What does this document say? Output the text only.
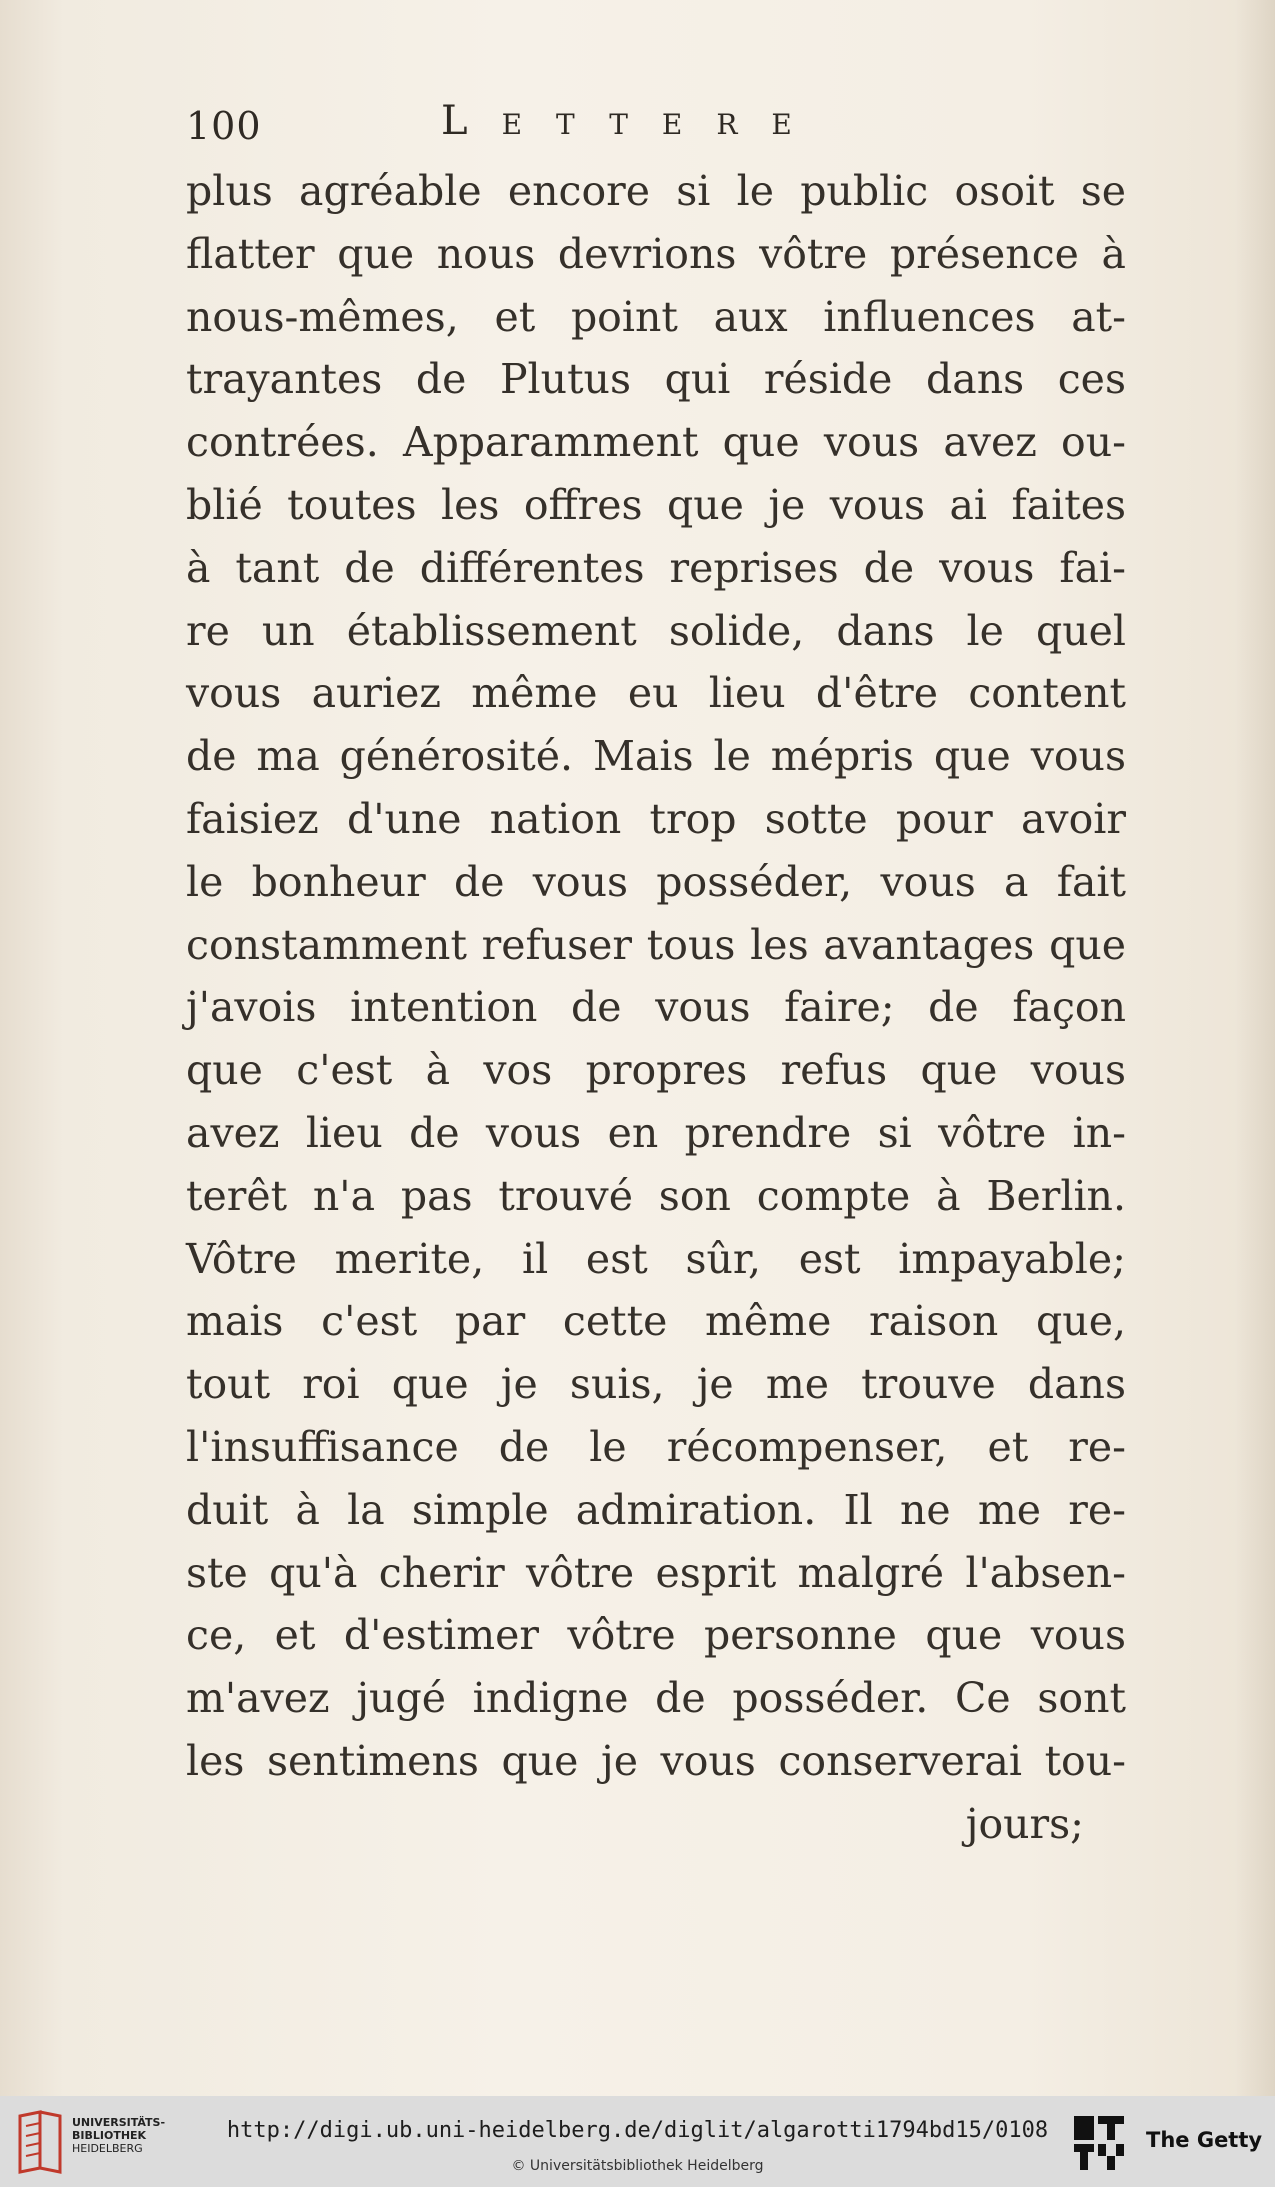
100	Lettere
plus agréable encore si le public osoit se
flatter que nous devrions vôtre présence à
nous-mêmes, et point aux influences at-
trayantes de Plutus qui réside dans ces
contrées. Apparamment que vous avez ou-
blié toutes les offres que je vous ai faites
à tant de différentes reprises de vous fai-
re un établissement solide, dans le quel
vous auriez même eu lieu d'être content
de ma générosité. Mais le mépris que vous
faisiez d'une nation trop sotte pour avoir
le bonheur de vous posséder, vous a fait
constamment refuser tous les avantages que
j'avois intention de vous faire; de façon
que c'est à vos propres refus que vous
avez lieu de vous en prendre si vôtre in-
terêt n'a pas trouvé son compte à Berlin.
Vôtre merite, il est sûr, est impayable;
mais c'est par cette même raison que,
tout roi que je suis, je me trouve dans
l'insuffisance de le récompenser, et re-
duit à la simple admiration. Il ne me re-
ste qu'à cherir vôtre esprit malgré l'absen-
ce, et d'estimer vôtre personne que vous
m'avez jugé indigne de posséder. Ce sont
les sentimens que je vous conserverai tou-
jours;
UNIVERSITÄTS-
BIBLIOTHEK
HEIDELBERG
http://digi.ub.uni-heidelberg.de/diglit/algarotti1794bd15/0108
© Universitätsbibliothek Heidelberg
The Getty
